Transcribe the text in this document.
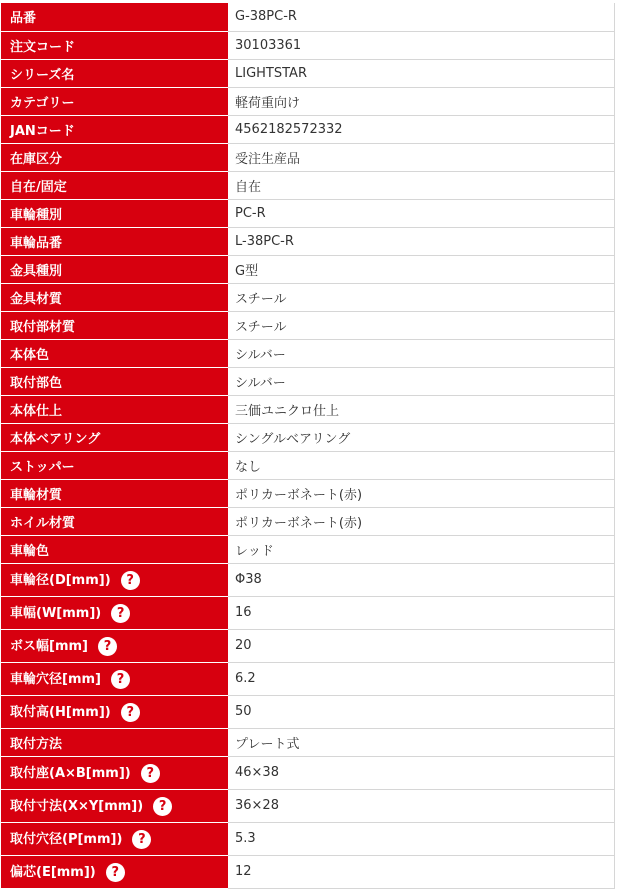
品番	G-38PC-R
注文コード	30103361
シリーズ名	LIGHTSTAR
カテゴリー	軽荷重向け
JANコード	4562182572332
在庫区分	受注生産品
自在/固定	自在
車輪種別	PC-R
車輪品番	L-38PC-R
金具種別	G型
金具材質	スチール
取付部材質	スチール
本体色	シルバー
取付部色	シルバー
本体仕上	三価ユニクロ仕上
本体ベアリング	シングルベアリング
ストッパー	なし
車輪材質	ポリカーボネート(赤)
ホイル材質	ポリカーボネート(赤)
車輪色	レッド
車輪径(D[mm]) ?	Φ38
車幅(W[mm]) ?	16
ボス幅[mm] ?	20
車輪穴径[mm] ?	6.2
取付高(H[mm]) ?	50
取付方法	プレート式
取付座(A×B[mm]) ?	46×38
取付寸法(X×Y[mm]) ?	36×28
取付穴径(P[mm]) ?	5.3
偏芯(E[mm]) ?	12
